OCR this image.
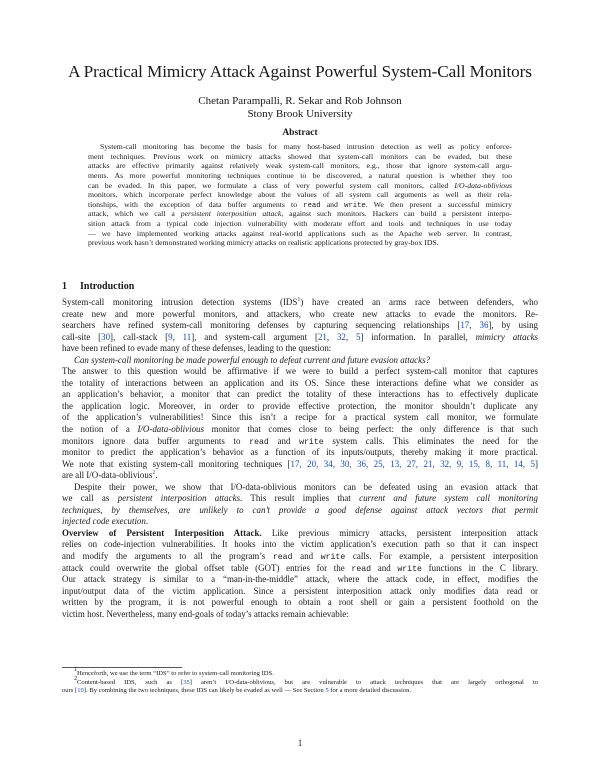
A Practical Mimicry Attack Against Powerful System-Call Monitors
Chetan Parampalli, R. Sekar and Rob Johnson
Stony Brook University
Abstract
System-call monitoring has become the basis for many host-based intrusion detection as well as policy enforce-
ment techniques. Previous work on mimicry attacks showed that system-call monitors can be evaded, but these
attacks are effective primarily against relatively weak system-call monitors, e.g., those that ignore system-call argu-
ments. As more powerful monitoring techniques continue to be discovered, a natural question is whether they too
can be evaded. In this paper, we formulate a class of very powerful system call monitors, called I/O-data-oblivious
monitors, which incorporate perfect knowledge about the values of all system call arguments as well as their rela-
tionships, with the exception of data buffer arguments to read and write. We then present a successful mimicry
attack, which we call a persistent interposition attack, against such monitors. Hackers can build a persistent interpo-
sition attack from a typical code injection vulnerability with moderate effort and tools and techniques in use today
— we have implemented working attacks against real-world applications such as the Apache web server. In contrast,
previous work hasn’t demonstrated working mimicry attacks on realistic applications protected by gray-box IDS.
1 Introduction
System-call monitoring intrusion detection systems (IDS$^1$) have created an arms race between defenders, who
create new and more powerful monitors, and attackers, who create new attacks to evade the monitors. Re-
searchers have refined system-call monitoring defenses by capturing sequencing relationships [17, 36], by using
call-site [30], call-stack [9, 11], and system-call argument [21, 32, 5] information. In parallel, mimicry attacks
have been refined to evade many of these defenses, leading to the question:
Can system-call monitoring be made powerful enough to defeat current and future evasion attacks?
The answer to this question would be affirmative if we were to build a perfect system-call monitor that captures
the totality of interactions between an application and its OS. Since these interactions define what we consider as
an application’s behavior, a monitor that can predict the totality of these interactions has to effectively duplicate
the application logic. Moreover, in order to provide effective protection, the monitor shouldn’t duplicate any
of the application’s vulnerabilities! Since this isn’t a recipe for a practical system call monitor, we formulate
the notion of a I/O-data-oblivious monitor that comes close to being perfect: the only difference is that such
monitors ignore data buffer arguments to read and write system calls. This eliminates the need for the
monitor to predict the application’s behavior as a function of its inputs/outputs, thereby making it more practical.
We note that existing system-call monitoring techniques [17, 20, 34, 30, 36, 25, 13, 27, 21, 32, 9, 15, 8, 11, 14, 5]
are all I/O-data-oblivious$^2$.
Despite their power, we show that I/O-data-oblivious monitors can be defeated using an evasion attack that
we call as persistent interposition attacks. This result implies that current and future system call monitoring
techniques, by themselves, are unlikely to can’t provide a good defense against attack vectors that permit
injected code execution.
Overview of Persistent Interposition Attack. Like previous mimicry attacks, persistent interposition attack
relies on code-injection vulnerabilities. It hooks into the victim application’s execution path so that it can inspect
and modify the arguments to all the program’s read and write calls. For example, a persistent interposition
attack could overwrite the global offset table (GOT) entries for the read and write functions in the C library.
Our attack strategy is similar to a “man-in-the-middle” attack, where the attack code, in effect, modifies the
input/output data of the victim application. Since a persistent interposition attack only modifies data read or
written by the program, it is not powerful enough to obtain a root shell or gain a persistent foothold on the
victim host. Nevertheless, many end-goals of today’s attacks remain achievable:
$^1$Henceforth, we use the term “IDS” to refer to system-call monitoring IDS.
$^2$Content-based IDS, such as [35] aren’t I/O-data-oblivious, but are vulnerable to attack techniques that are largely orthogonal to
ours [10]. By combining the two techniques, these IDS can likely be evaded as well — See Section 5 for a more detailed discussion.
1
